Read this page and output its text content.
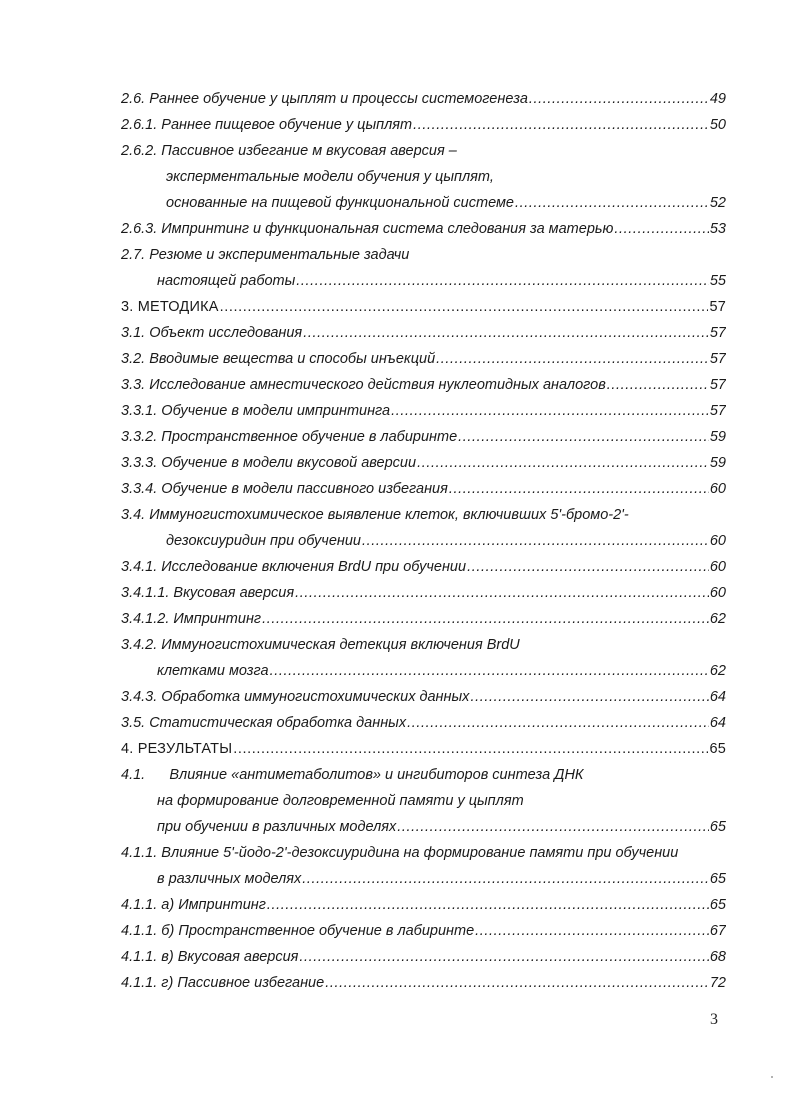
2.6. Раннее обучение у цыплят и процессы системогенеза .....	49
2.6.1. Раннее пищевое обучение у цыплят .....	50
2.6.2. Пассивное избегание м вкусовая аверсия –
эксперментальные модели обучения у цыплят,
основанные на пищевой функциональной системе .....	52
2.6.3. Импринтинг и функциональная система следования за матерью .....	53
2.7. Резюме и экспериментальные задачи
настоящей работы .....	55
3. МЕТОДИКА .....	57
3.1. Объект исследования .....	57
3.2. Вводимые вещества и способы инъекций .....	57
3.3. Исследование амнестического действия нуклеотидных аналогов .....	57
3.3.1. Обучение в модели импринтинга .....	57
3.3.2. Пространственное обучение в лабиринте .....	59
3.3.3. Обучение в модели вкусовой аверсии .....	59
3.3.4. Обучение в модели пассивного избегания .....	60
3.4. Иммуногистохимическое выявление клеток, включивших 5'-бромо-2'-
дезоксиуридин при обучении .....	60
3.4.1. Исследование включения BrdU при обучении .....	60
3.4.1.1. Вкусовая аверсия .....	60
3.4.1.2. Импринтинг .....	62
3.4.2. Иммуногистохимическая детекция включения BrdU
клетками мозга .....	62
3.4.3. Обработка иммуногистохимических данных .....	64
3.5. Статистическая обработка данных .....	64
4. РЕЗУЛЬТАТЫ .....	65
4.1.      Влияние «антиметаболитов» и ингибиторов синтеза ДНК
на формирование долговременной памяти у цыплят
при обучении в различных моделях .....	65
4.1.1. Влияние 5'-йодо-2'-дезоксиуридина на формирование памяти при обучении
в различных моделях .....	65
4.1.1. а) Импринтинг .....	65
4.1.1. б) Пространственное обучение в лабиринте .....	67
4.1.1. в) Вкусовая аверсия .....	68
4.1.1. г) Пассивное избегание .....	72
3
